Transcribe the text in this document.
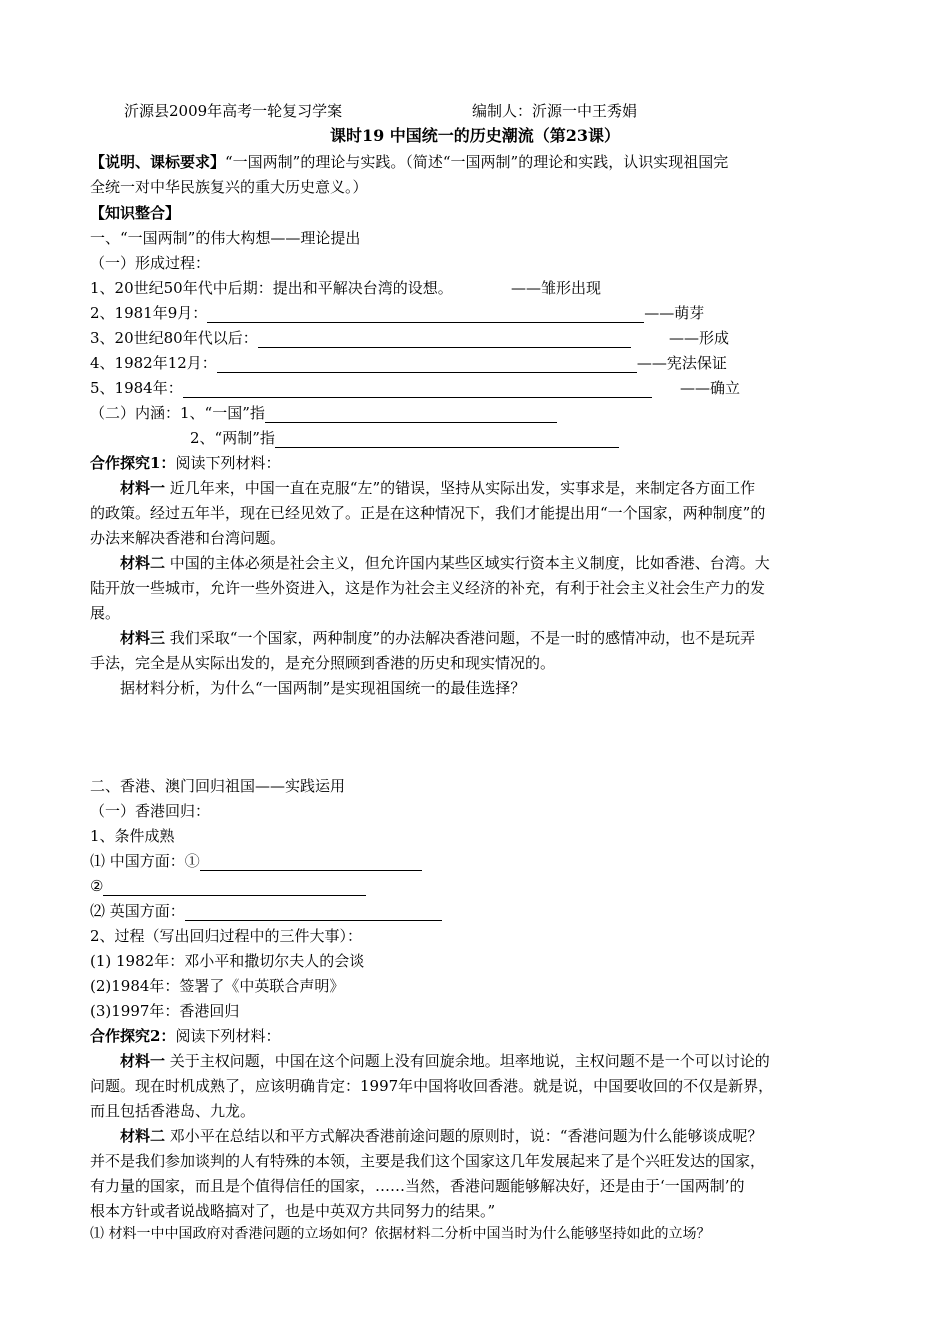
沂源县2009年高考一轮复习学案	编制人：沂源一中王秀娟
课时19 中国统一的历史潮流（第23课）
【说明、课标要求】“一国两制”的理论与实践。（简述“一国两制”的理论和实践，认识实现祖国完
全统一对中华民族复兴的重大历史意义。）
【知识整合】
一、“一国两制”的伟大构想——理论提出
（一）形成过程：
1、20世纪50年代中后期：提出和平解决台湾的设想。	——雏形出现
2、1981年9月：	——萌芽
3、20世纪80年代以后：	——形成
4、1982年12月：	——宪法保证
5、1984年：	——确立
（二）内涵：1、“一国”指
2、“两制”指
合作探究1：阅读下列材料：
材料一 近几年来，中国一直在克服“左”的错误，坚持从实际出发，实事求是，来制定各方面工作
的政策。经过五年半，现在已经见效了。正是在这种情况下，我们才能提出用“一个国家，两种制度”的
办法来解决香港和台湾问题。
材料二 中国的主体必须是社会主义，但允许国内某些区域实行资本主义制度，比如香港、台湾。大
陆开放一些城市，允许一些外资进入，这是作为社会主义经济的补充，有利于社会主义社会生产力的发
展。
材料三 我们采取“一个国家，两种制度”的办法解决香港问题，不是一时的感情冲动，也不是玩弄
手法，完全是从实际出发的，是充分照顾到香港的历史和现实情况的。
据材料分析，为什么“一国两制”是实现祖国统一的最佳选择？
二、香港、澳门回归祖国——实践运用
（一）香港回归：
1、条件成熟
⑴ 中国方面：①
②
⑵ 英国方面：
2、过程（写出回归过程中的三件大事）：
(1) 1982年：邓小平和撒切尔夫人的会谈
(2)1984年：签署了《中英联合声明》
(3)1997年：香港回归
合作探究2：阅读下列材料：
材料一 关于主权问题，中国在这个问题上没有回旋余地。坦率地说，主权问题不是一个可以讨论的
问题。现在时机成熟了，应该明确肯定：1997年中国将收回香港。就是说，中国要收回的不仅是新界，
而且包括香港岛、九龙。
材料二 邓小平在总结以和平方式解决香港前途问题的原则时，说：“香港问题为什么能够谈成呢？
并不是我们参加谈判的人有特殊的本领，主要是我们这个国家这几年发展起来了是个兴旺发达的国家，
有力量的国家，而且是个值得信任的国家，……当然，香港问题能够解决好，还是由于‘一国两制’的
根本方针或者说战略搞对了，也是中英双方共同努力的结果。”
⑴ 材料一中中国政府对香港问题的立场如何？依据材料二分析中国当时为什么能够坚持如此的立场？
